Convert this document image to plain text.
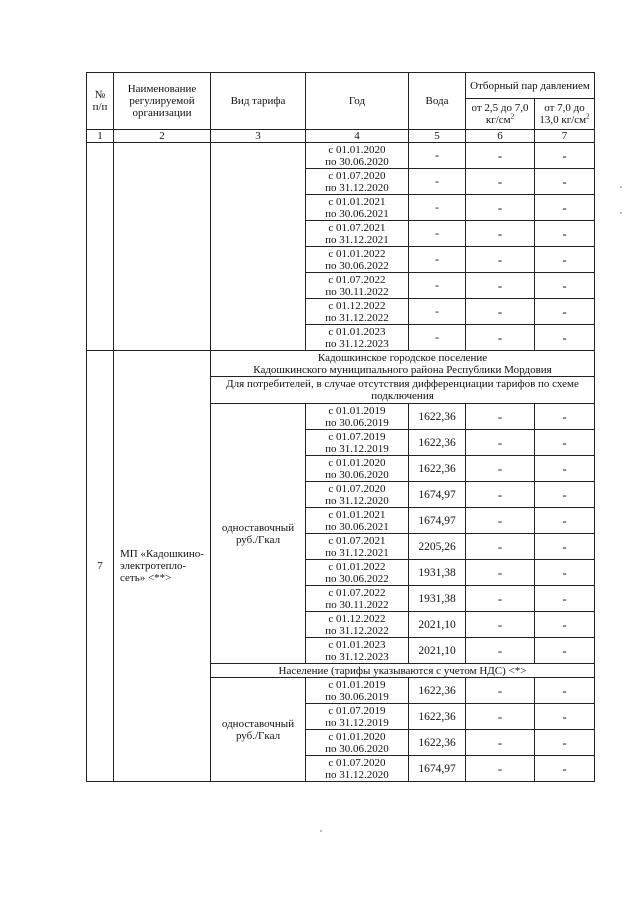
№ п/п	Наименование регулируемой организации	Вид тарифа	Год	Вода	Отборный пар давлением	
					от 2,5 до 7,0 $кг/см^2$	от 7,0 до 13,0 $кг/см^2$
1	2	3	4	5	6	7

			с 01.01.2020
по 30.06.2020	-	-	-

			с 01.07.2020
по 31.12.2020	-	-	-

			с 01.01.2021
по 30.06.2021	-	-	-

			с 01.07.2021
по 31.12.2021	-	-	-

			с 01.01.2022
по 30.06.2022	-	-	-

			с 01.07.2022
по 30.11.2022	-	-	-

			с 01.12.2022
по 31.12.2022	-	-	-

			с 01.01.2023
по 31.12.2023	-	-	-
7	МП «Кадошкино-электротепло-сеть» <**>	Кадошкинское городское поселение
Кадошкинского муниципального района Республики Мордовия				

		Для потребителей, в случае отсутствия дифференциации тарифов по схеме подключения				
		одноставочный руб./Гкал	с 01.01.2019
по 30.06.2019	1622,36	-	-

			с 01.07.2019
по 31.12.2019	1622,36	-	-

			с 01.01.2020
по 30.06.2020	1622,36	-	-

			с 01.07.2020
по 31.12.2020	1674,97	-	-

			с 01.01.2021
по 30.06.2021	1674,97	-	-

			с 01.07.2021
по 31.12.2021	2205,26	-	-

			с 01.01.2022
по 30.06.2022	1931,38	-	-

			с 01.07.2022
по 30.11.2022	1931,38	-	-

			с 01.12.2022
по 31.12.2022	2021,10	-	-

			с 01.01.2023
по 31.12.2023	2021,10	-	-
		Население (тарифы указываются с учетом НДС) <*>				
		одноставочный руб./Гкал	с 01.01.2019
по 30.06.2019	1622,36	-	-

			с 01.07.2019
по 31.12.2019	1622,36	-	-

			с 01.01.2020
по 30.06.2020	1622,36	-	-

			с 01.07.2020
по 31.12.2020	1674,97	-	-
